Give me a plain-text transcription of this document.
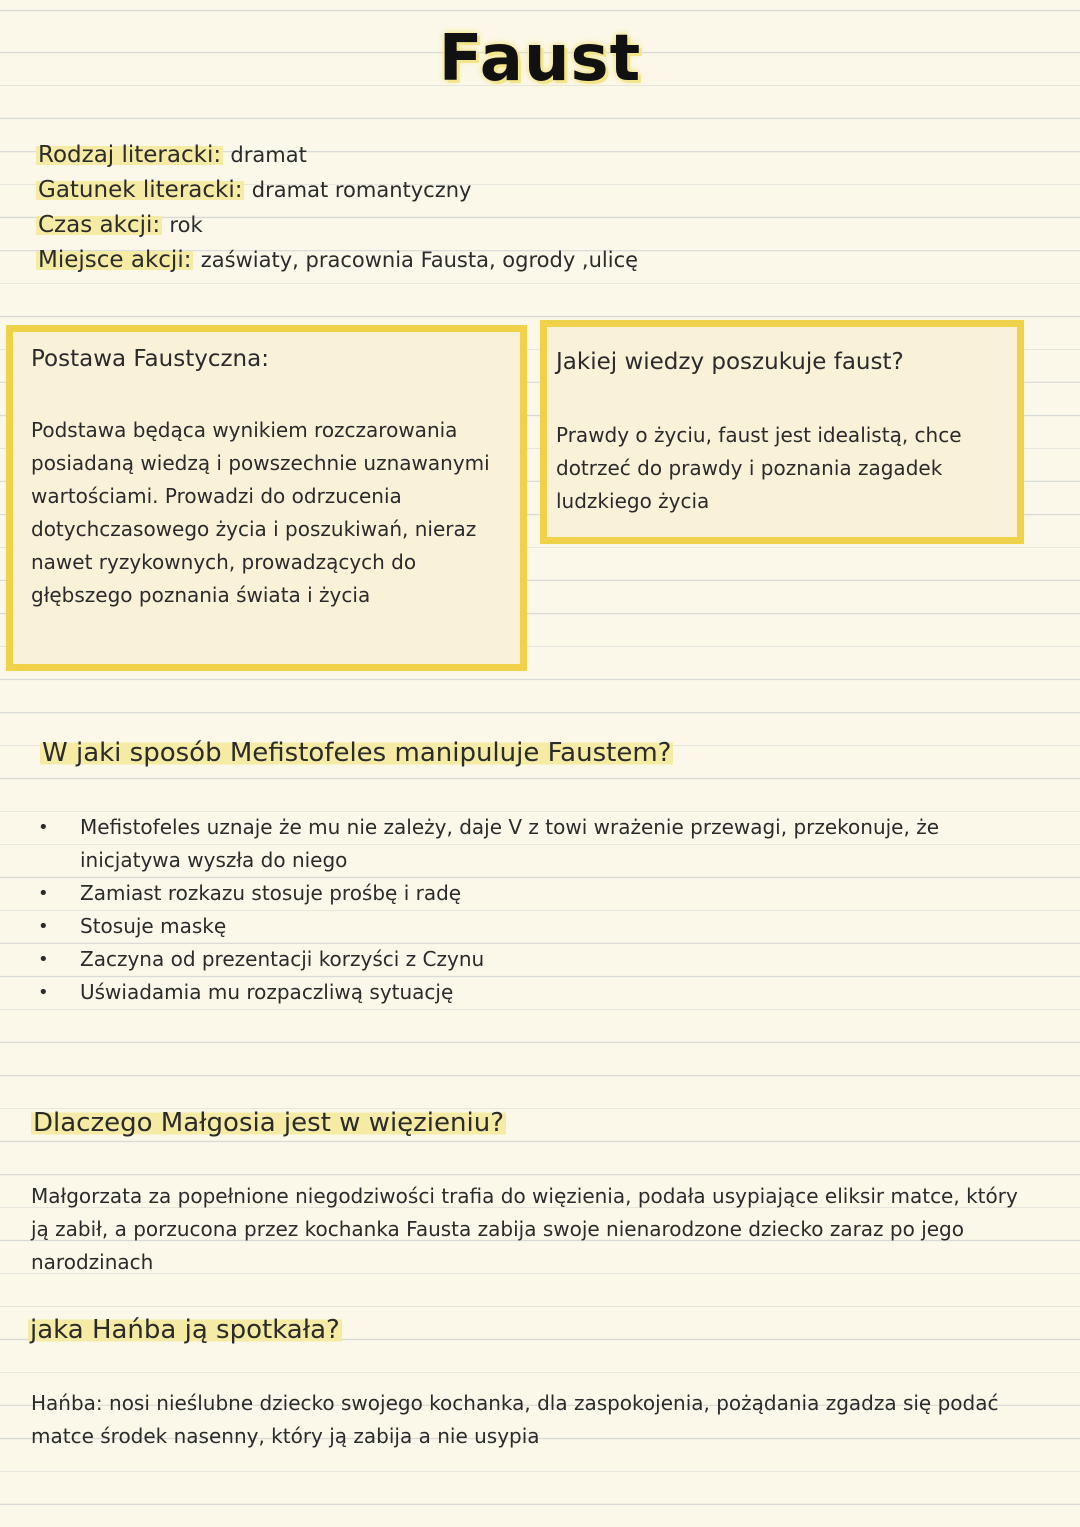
Faust
Rodzaj literacki: dramat
Gatunek literacki: dramat romantyczny
Czas akcji: rok
Miejsce akcji: zaświaty, pracownia Fausta, ogrody ,ulicę
Postawa Faustyczna:
Podstawa będąca wynikiem rozczarowania posiadaną wiedzą i powszechnie uznawanymi wartościami. Prowadzi do odrzucenia dotychczasowego życia i poszukiwań, nieraz nawet ryzykownych, prowadzących do głębszego poznania świata i życia
Jakiej wiedzy poszukuje faust?
Prawdy o życiu, faust jest idealistą, chce dotrzeć do prawdy i poznania zagadek ludzkiego życia
W jaki sposób Mefistofeles manipuluje Faustem?
• Mefistofeles uznaje że mu nie zależy, daje V z towi wrażenie przewagi, przekonuje, że inicjatywa wyszła do niego
• Zamiast rozkazu stosuje prośbę i radę
• Stosuje maskę
• Zaczyna od prezentacji korzyści z Czynu
• Uświadamia mu rozpaczliwą sytuację
Dlaczego Małgosia jest w więzieniu?
Małgorzata za popełnione niegodziwości trafia do więzienia, podała usypiające eliksir matce, który ją zabił, a porzucona przez kochanka Fausta zabija swoje nienarodzone dziecko zaraz po jego narodzinach
jaka Hańba ją spotkała?
Hańba: nosi nieślubne dziecko swojego kochanka, dla zaspokojenia, pożądania zgadza się podać matce środek nasenny, który ją zabija a nie usypia
